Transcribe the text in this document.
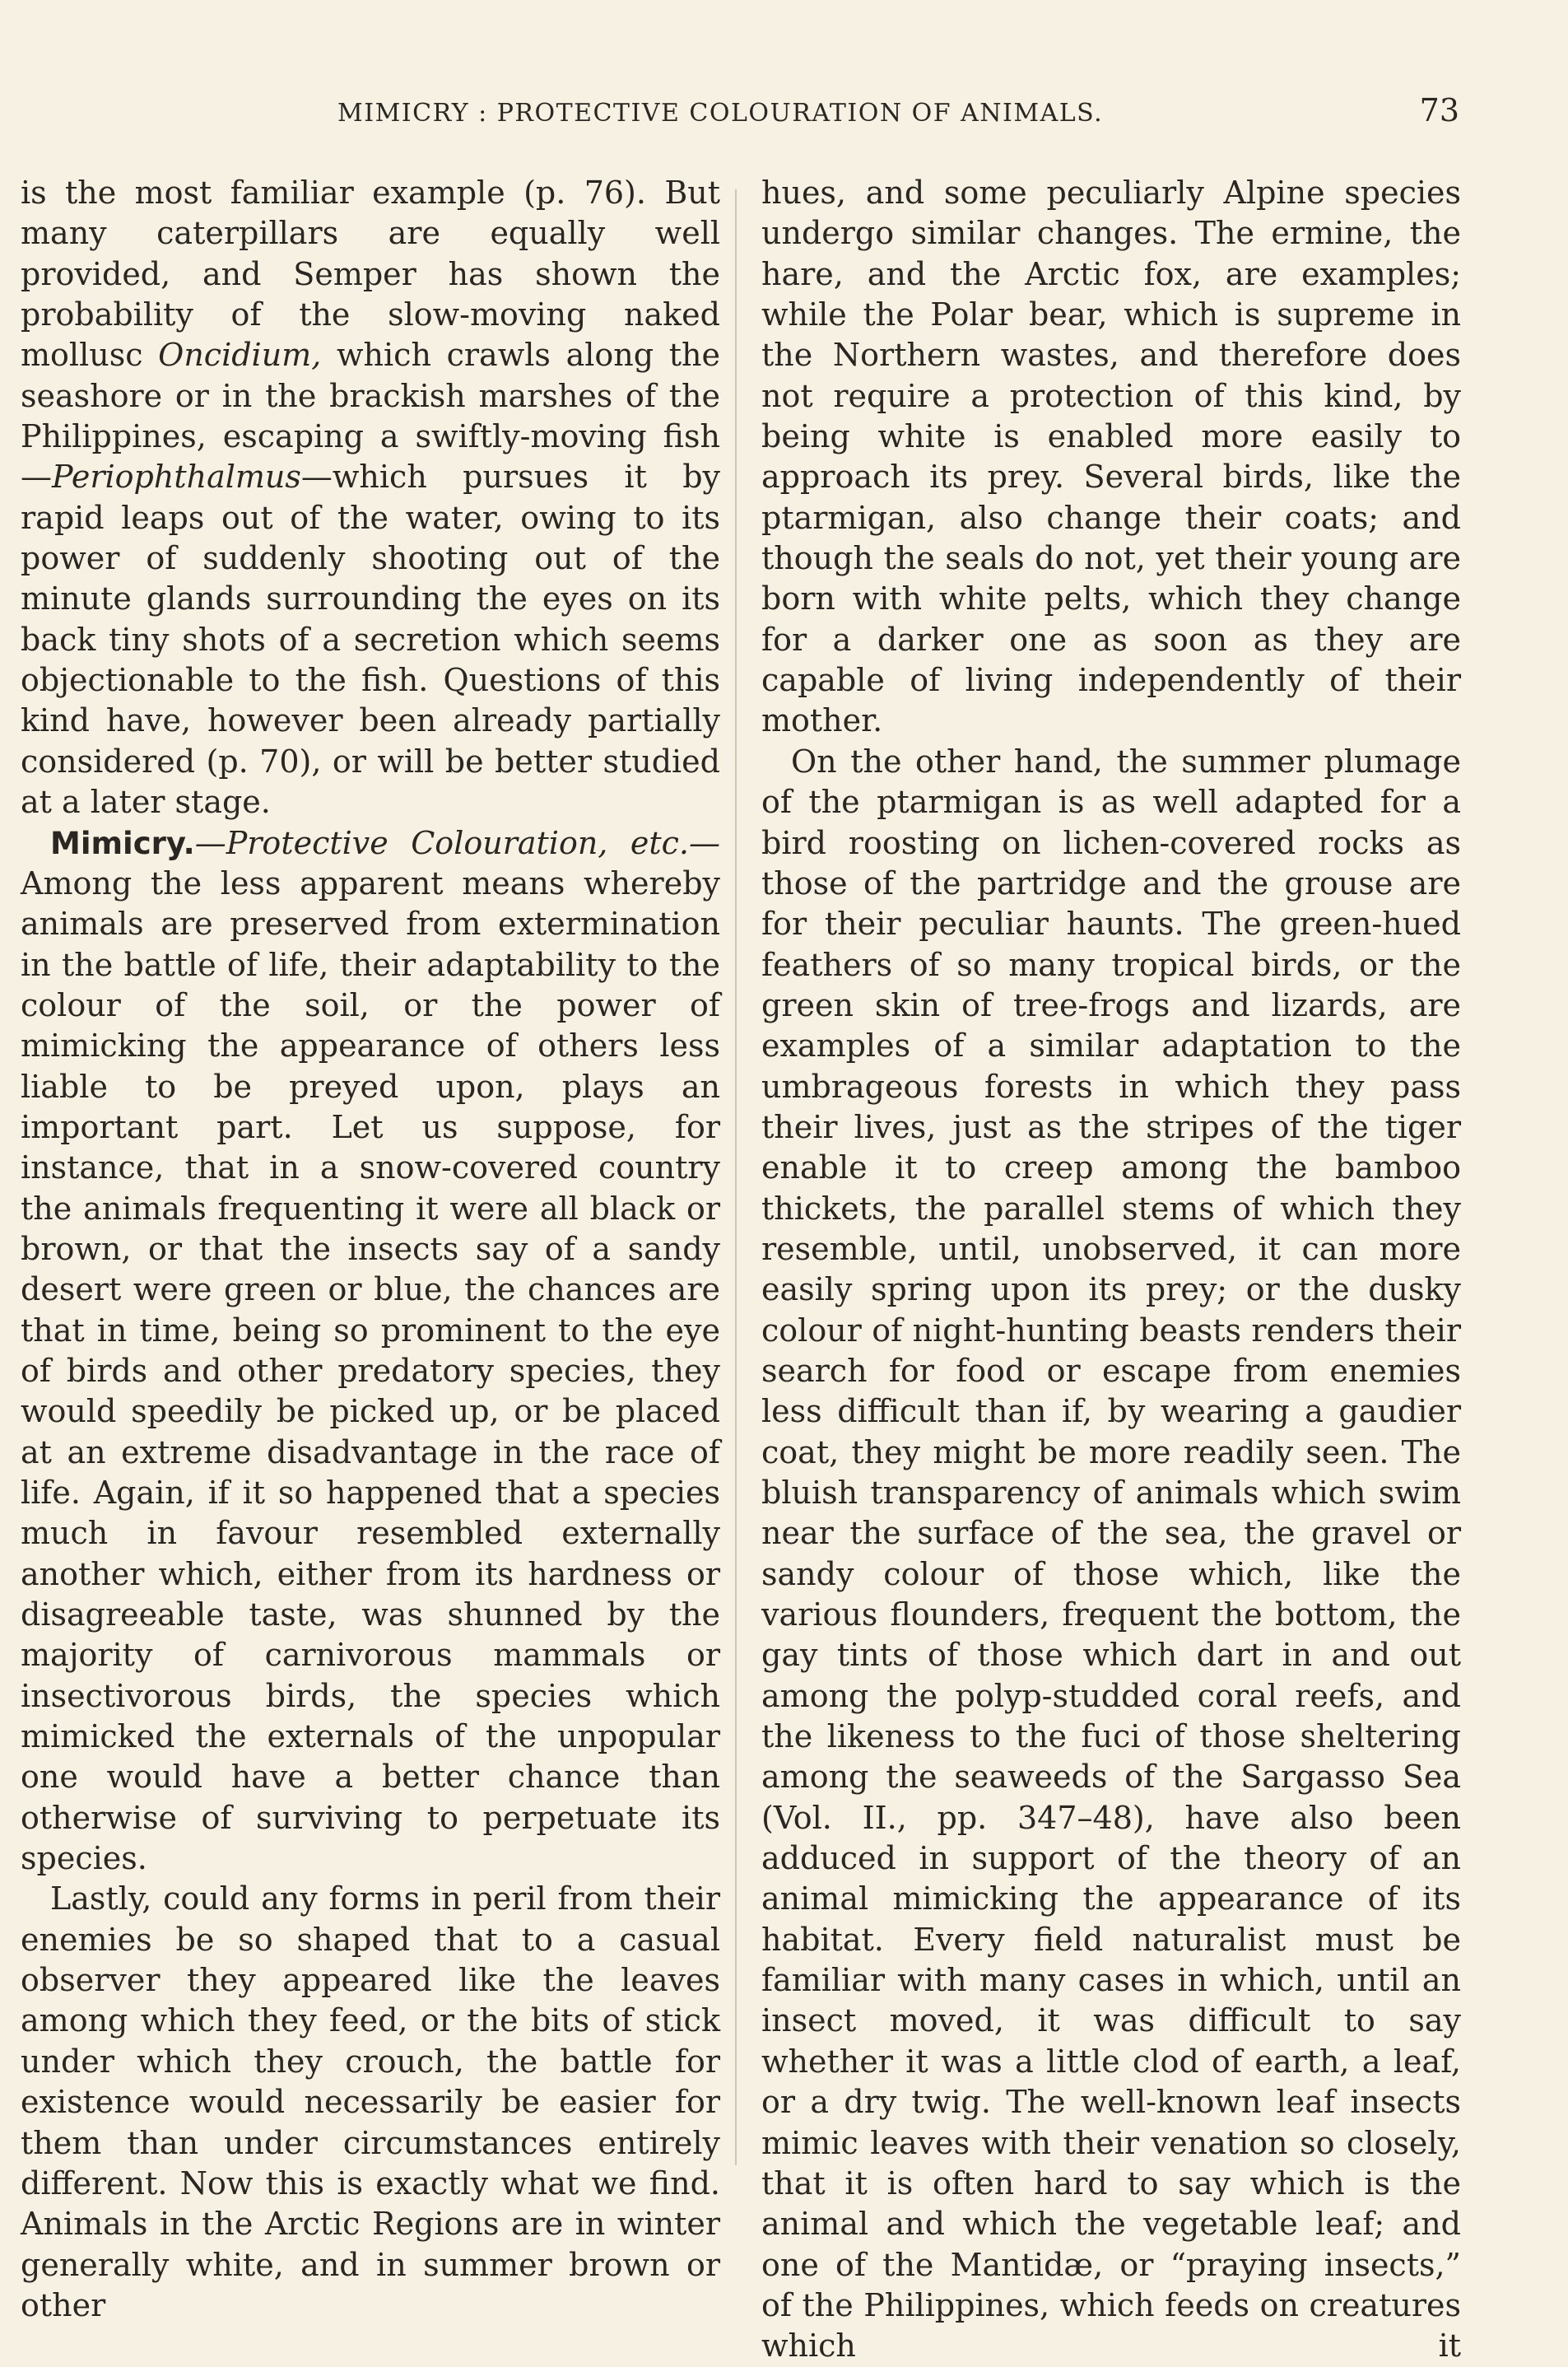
MIMICRY : PROTECTIVE COLOURATION OF ANIMALS.	73

is the most familiar example (p. 76). But many caterpillars are equally well provided, and Semper has shown the probability of the slow-moving naked mollusc Oncidium, which crawls along the seashore or in the brackish marshes of the Philippines, escaping a swiftly-moving fish—Periophthalmus—which pursues it by rapid leaps out of the water, owing to its power of suddenly shooting out of the minute glands surrounding the eyes on its back tiny shots of a secretion which seems objectionable to the fish. Questions of this kind have, however been already partially considered (p. 70), or will be better studied at a later stage.

Mimicry.—Protective Colouration, etc.— Among the less apparent means whereby animals are preserved from extermination in the battle of life, their adaptability to the colour of the soil, or the power of mimicking the appearance of others less liable to be preyed upon, plays an important part. Let us suppose, for instance, that in a snow-covered country the animals frequenting it were all black or brown, or that the insects say of a sandy desert were green or blue, the chances are that in time, being so prominent to the eye of birds and other predatory species, they would speedily be picked up, or be placed at an extreme disadvantage in the race of life. Again, if it so happened that a species much in favour resembled externally another which, either from its hardness or disagreeable taste, was shunned by the majority of carnivorous mammals or insectivorous birds, the species which mimicked the externals of the unpopular one would have a better chance than otherwise of surviving to perpetuate its species.

Lastly, could any forms in peril from their enemies be so shaped that to a casual observer they appeared like the leaves among which they feed, or the bits of stick under which they crouch, the battle for existence would necessarily be easier for them than under circumstances entirely different. Now this is exactly what we find. Animals in the Arctic Regions are in winter generally white, and in summer brown or other

hues, and some peculiarly Alpine species undergo similar changes. The ermine, the hare, and the Arctic fox, are examples; while the Polar bear, which is supreme in the Northern wastes, and therefore does not require a protection of this kind, by being white is enabled more easily to approach its prey. Several birds, like the ptarmigan, also change their coats; and though the seals do not, yet their young are born with white pelts, which they change for a darker one as soon as they are capable of living independently of their mother.

On the other hand, the summer plumage of the ptarmigan is as well adapted for a bird roosting on lichen-covered rocks as those of the partridge and the grouse are for their peculiar haunts. The green-hued feathers of so many tropical birds, or the green skin of tree-frogs and lizards, are examples of a similar adaptation to the umbrageous forests in which they pass their lives, just as the stripes of the tiger enable it to creep among the bamboo thickets, the parallel stems of which they resemble, until, unobserved, it can more easily spring upon its prey; or the dusky colour of night-hunting beasts renders their search for food or escape from enemies less difficult than if, by wearing a gaudier coat, they might be more readily seen. The bluish transparency of animals which swim near the surface of the sea, the gravel or sandy colour of those which, like the various flounders, frequent the bottom, the gay tints of those which dart in and out among the polyp-studded coral reefs, and the likeness to the fuci of those sheltering among the seaweeds of the Sargasso Sea (Vol. II., pp. 347–48), have also been adduced in support of the theory of an animal mimicking the appearance of its habitat. Every field naturalist must be familiar with many cases in which, until an insect moved, it was difficult to say whether it was a little clod of earth, a leaf, or a dry twig. The well-known leaf insects mimic leaves with their venation so closely, that it is often hard to say which is the animal and which the vegetable leaf; and one of the Mantidæ, or “praying insects,” of the Philippines, which feeds on creatures which it
